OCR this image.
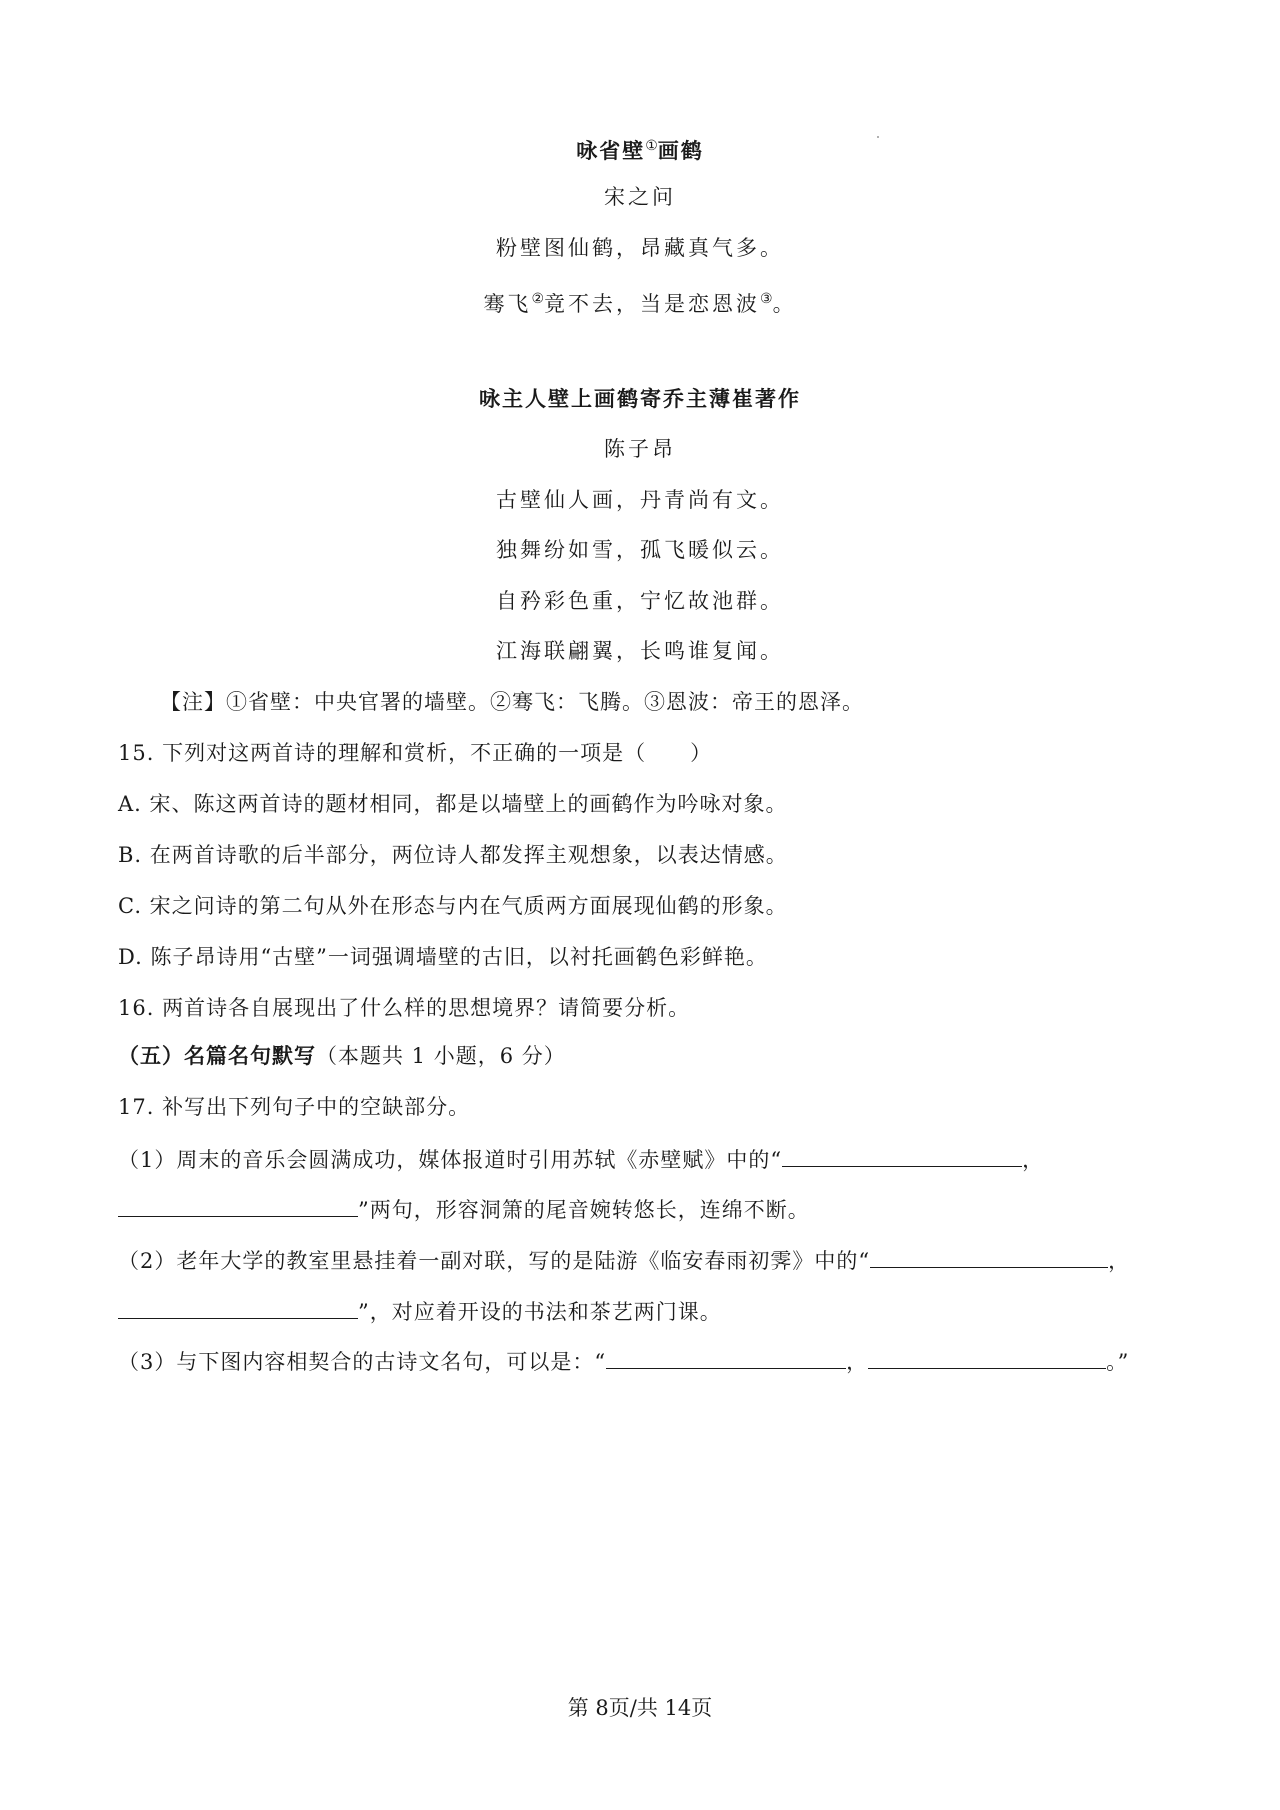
咏省壁①画鹤
宋之问
粉壁图仙鹤，昂藏真气多。
骞飞②竟不去，当是恋恩波③。
咏主人壁上画鹤寄乔主薄崔著作
陈子昂
古壁仙人画，丹青尚有文。
独舞纷如雪，孤飞暖似云。
自矜彩色重，宁忆故池群。
江海联翩翼，长鸣谁复闻。
【注】①省壁：中央官署的墙壁。②骞飞：飞腾。③恩波：帝王的恩泽。
15. 下列对这两首诗的理解和赏析，不正确的一项是（　　）
A. 宋、陈这两首诗的题材相同，都是以墙壁上的画鹤作为吟咏对象。
B. 在两首诗歌的后半部分，两位诗人都发挥主观想象，以表达情感。
C. 宋之问诗的第二句从外在形态与内在气质两方面展现仙鹤的形象。
D. 陈子昂诗用“古壁”一词强调墙壁的古旧，以衬托画鹤色彩鲜艳。
16. 两首诗各自展现出了什么样的思想境界？请简要分析。
（五）名篇名句默写（本题共 1 小题，6 分）
17. 补写出下列句子中的空缺部分。
（1）周末的音乐会圆满成功，媒体报道时引用苏轼《赤壁赋》中的“	，
”两句，形容洞箫的尾音婉转悠长，连绵不断。
（2）老年大学的教室里悬挂着一副对联，写的是陆游《临安春雨初霁》中的“	，
”，对应着开设的书法和茶艺两门课。
（3）与下图内容相契合的古诗文名句，可以是：“	，	。”
第 8页/共 14页
